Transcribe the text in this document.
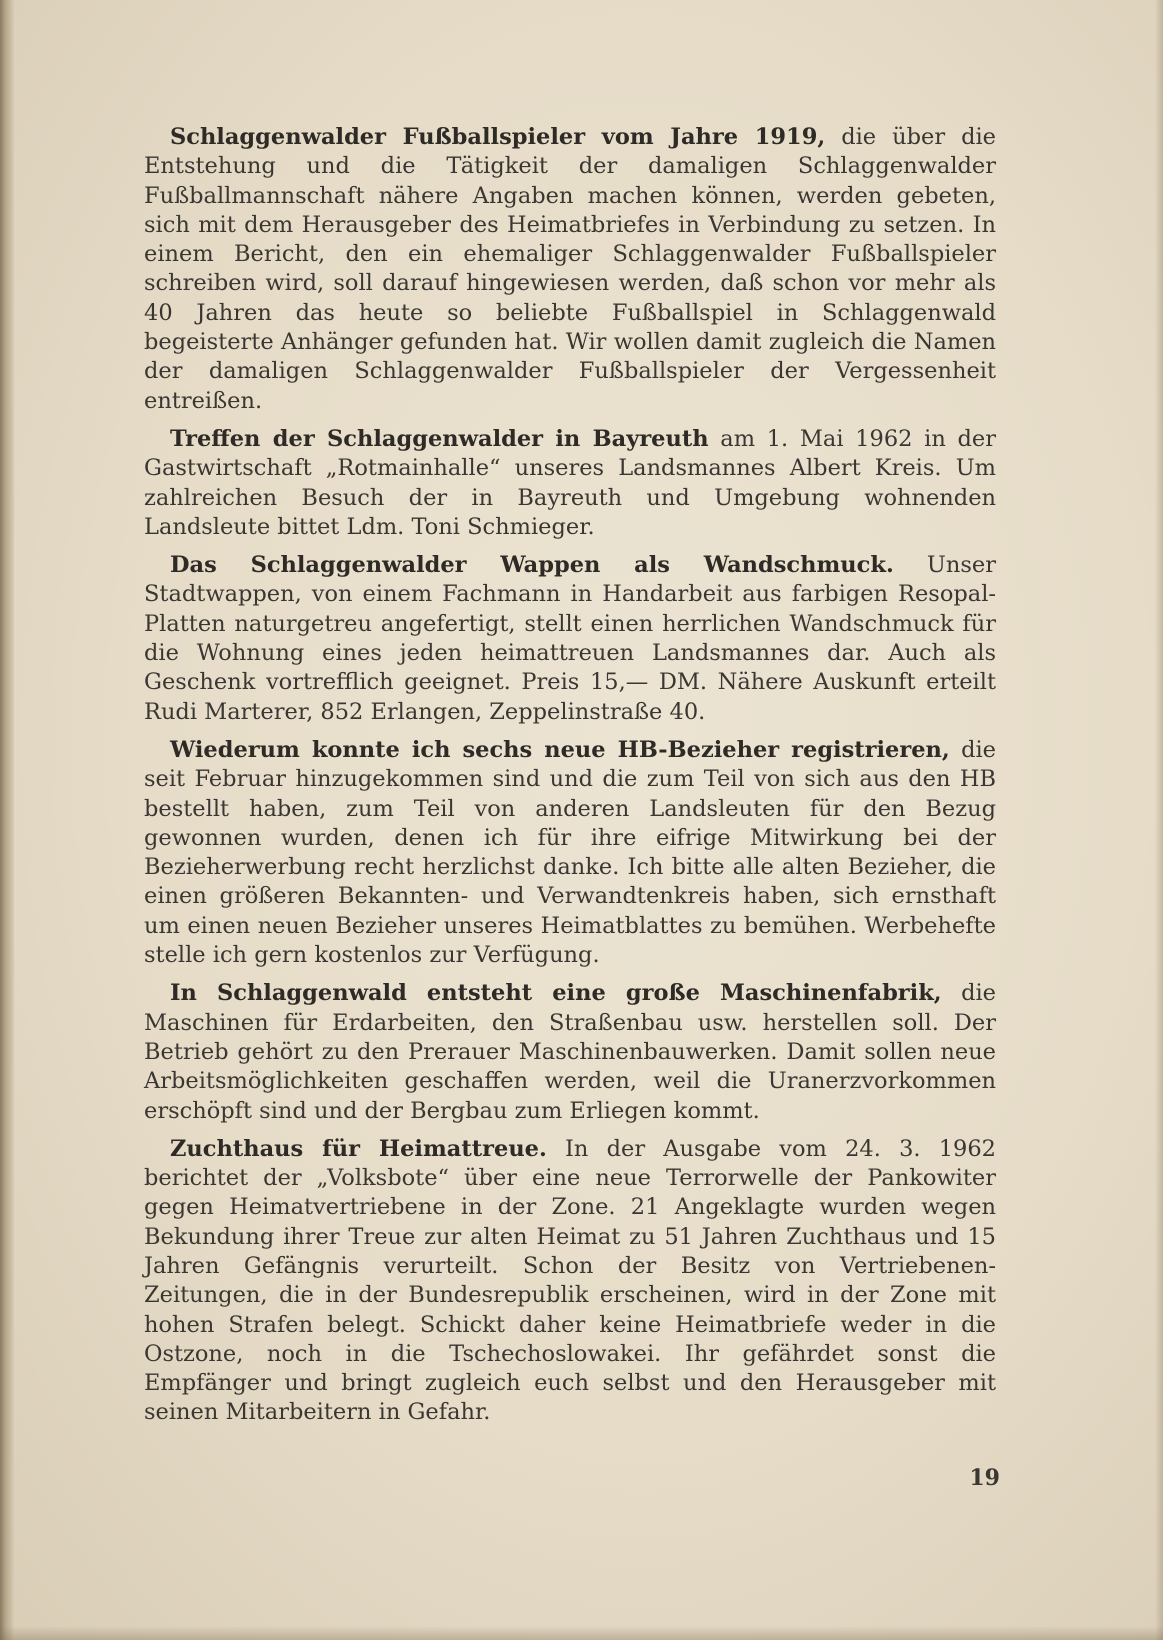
Schlaggenwalder Fußballspieler vom Jahre 1919, die über die Entstehung und die Tätigkeit der damaligen Schlaggenwalder Fußballmannschaft nähere Angaben machen können, werden gebeten, sich mit dem Herausgeber des Heimatbriefes in Verbindung zu setzen. In einem Bericht, den ein ehemaliger Schlaggenwalder Fußballspieler schreiben wird, soll darauf hingewiesen werden, daß schon vor mehr als 40 Jahren das heute so beliebte Fußballspiel in Schlaggenwald begeisterte Anhänger gefunden hat. Wir wollen damit zugleich die Namen der damaligen Schlaggenwalder Fußballspieler der Vergessenheit entreißen.

Treffen der Schlaggenwalder in Bayreuth am 1. Mai 1962 in der Gastwirtschaft „Rotmainhalle“ unseres Landsmannes Albert Kreis. Um zahlreichen Besuch der in Bayreuth und Umgebung wohnenden Landsleute bittet Ldm. Toni Schmieger.

Das Schlaggenwalder Wappen als Wandschmuck. Unser Stadtwappen, von einem Fachmann in Handarbeit aus farbigen Resopal-Platten naturgetreu angefertigt, stellt einen herrlichen Wandschmuck für die Wohnung eines jeden heimattreuen Landsmannes dar. Auch als Geschenk vortrefflich geeignet. Preis 15,— DM. Nähere Auskunft erteilt Rudi Marterer, 852 Erlangen, Zeppelinstraße 40.

Wiederum konnte ich sechs neue HB-Bezieher registrieren, die seit Februar hinzugekommen sind und die zum Teil von sich aus den HB bestellt haben, zum Teil von anderen Landsleuten für den Bezug gewonnen wurden, denen ich für ihre eifrige Mitwirkung bei der Bezieherwerbung recht herzlichst danke. Ich bitte alle alten Bezieher, die einen größeren Bekannten- und Verwandtenkreis haben, sich ernsthaft um einen neuen Bezieher unseres Heimatblattes zu bemühen. Werbehefte stelle ich gern kostenlos zur Verfügung.

In Schlaggenwald entsteht eine große Maschinenfabrik, die Maschinen für Erdarbeiten, den Straßenbau usw. herstellen soll. Der Betrieb gehört zu den Prerauer Maschinenbauwerken. Damit sollen neue Arbeitsmöglichkeiten geschaffen werden, weil die Uranerzvorkommen erschöpft sind und der Bergbau zum Erliegen kommt.

Zuchthaus für Heimattreue. In der Ausgabe vom 24. 3. 1962 berichtet der „Volksbote“ über eine neue Terrorwelle der Pankowiter gegen Heimatvertriebene in der Zone. 21 Angeklagte wurden wegen Bekundung ihrer Treue zur alten Heimat zu 51 Jahren Zuchthaus und 15 Jahren Gefängnis verurteilt. Schon der Besitz von Vertriebenen-Zeitungen, die in der Bundesrepublik erscheinen, wird in der Zone mit hohen Strafen belegt. Schickt daher keine Heimatbriefe weder in die Ostzone, noch in die Tschechoslowakei. Ihr gefährdet sonst die Empfänger und bringt zugleich euch selbst und den Herausgeber mit seinen Mitarbeitern in Gefahr.

19
